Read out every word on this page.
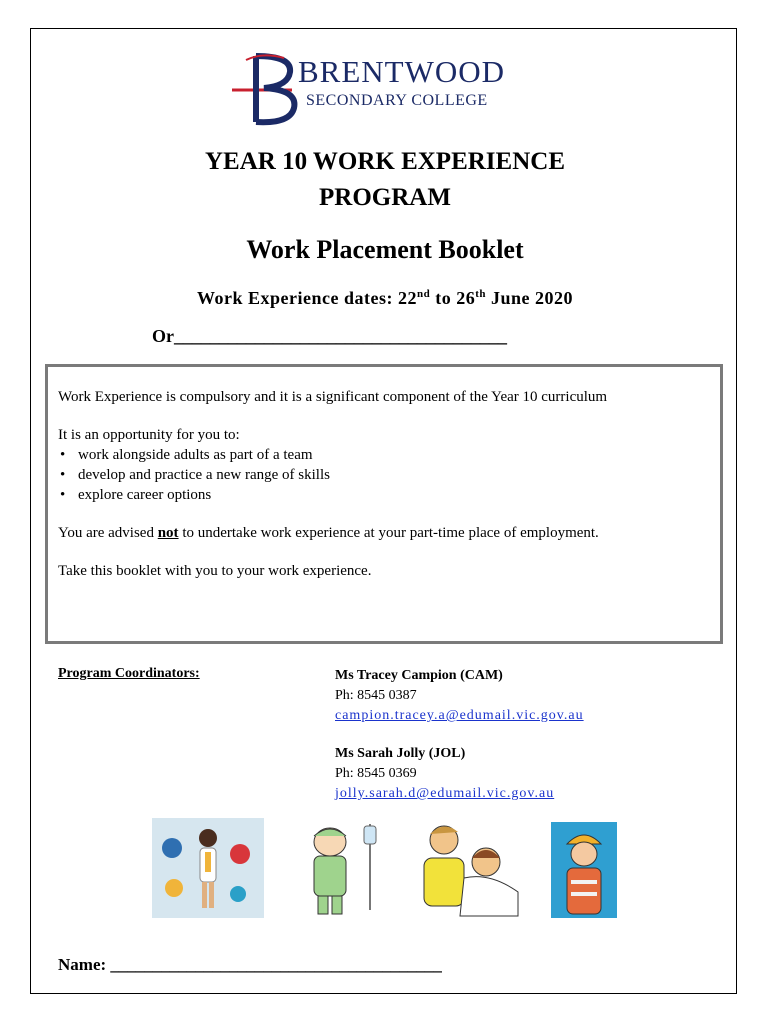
BRENTWOOD
SECONDARY COLLEGE
YEAR 10 WORK EXPERIENCE
PROGRAM
Work Placement Booklet
Work Experience dates: 22nd to 26th June 2020
Or_____________________________________

Work Experience is compulsory and it is a significant component of the Year 10 curriculum

It is an opportunity for you to:
• work alongside adults as part of a team
• develop and practice a new range of skills
• explore career options

You are advised not to undertake work experience at your part-time place of employment.

Take this booklet with you to your work experience.

Program Coordinators:	Ms Tracey Campion (CAM)
Ph: 8545 0387
campion.tracey.a@edumail.vic.gov.au
Ms Sarah Jolly (JOL)
Ph: 8545 0369
jolly.sarah.d@edumail.vic.gov.au
Name: _______________________________________
